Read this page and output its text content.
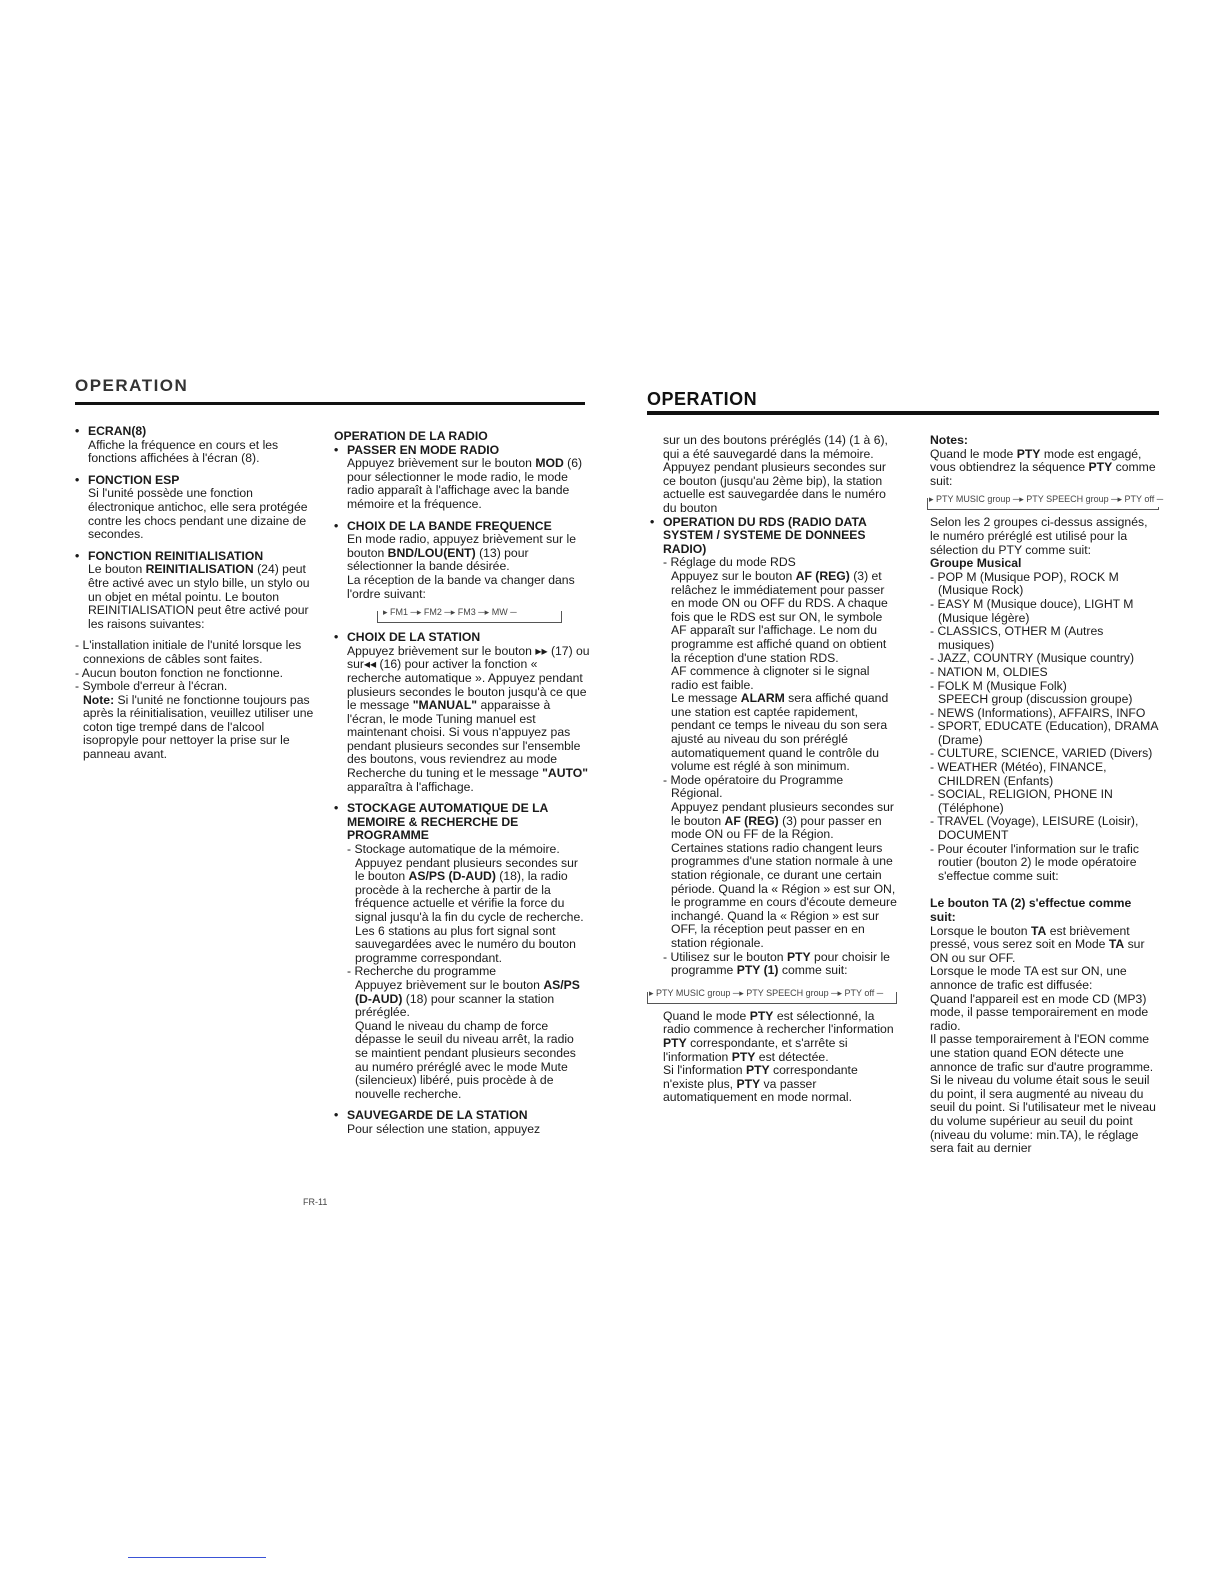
OPERATION
OPERATION

• ECRAN(8)

Affiche la fréquence en cours et les fonctions affichées à l'écran (8).

• FONCTION ESP

Si l'unité possède une fonction électronique antichoc, elle sera protégée contre les chocs pendant une dizaine de secondes.

• FONCTION REINITIALISATION

Le bouton REINITIALISATION (24) peut être activé avec un stylo bille, un stylo ou un objet en métal pointu. Le bouton REINITIALISATION peut être activé pour les raisons suivantes:

- L'installation initiale de l'unité lorsque les connexions de câbles sont faites.

- Aucun bouton fonction ne fonctionne.

- Symbole d'erreur à l'écran.

Note: Si l'unité ne fonctionne toujours pas après la réinitialisation, veuillez utiliser une coton tige trempé dans de l'alcool isopropyle pour nettoyer la prise sur le panneau avant.

OPERATION DE LA RADIO

• PASSER EN MODE RADIO

Appuyez brièvement sur le bouton MOD (6) pour sélectionner le mode radio, le mode radio apparaît à l'affichage avec la bande mémoire et la fréquence.

• CHOIX DE LA BANDE FREQUENCE

En mode radio, appuyez brièvement sur le bouton BND/LOU(ENT) (13) pour sélectionner la bande désirée.

La réception de la bande va changer dans l'ordre suivant:

▸ FM1 ─▸ FM2 ─▸ FM3 ─▸ MW ─

• CHOIX DE LA STATION

Appuyez brièvement sur le bouton ▸▸ (17) ou sur◂◂ (16) pour activer la fonction « recherche automatique ». Appuyez pendant plusieurs secondes le bouton jusqu'à ce que le message "MANUAL" apparaisse à l'écran, le mode Tuning manuel est maintenant choisi. Si vous n'appuyez pas pendant plusieurs secondes sur l'ensemble des boutons, vous reviendrez au mode Recherche du tuning et le message "AUTO" apparaîtra à l'affichage.

• STOCKAGE AUTOMATIQUE DE LA MEMOIRE & RECHERCHE DE PROGRAMME

- Stockage automatique de la mémoire. Appuyez pendant plusieurs secondes sur le bouton AS/PS (D-AUD) (18), la radio procède à la recherche à partir de la fréquence actuelle et vérifie la force du signal jusqu'à la fin du cycle de recherche. Les 6 stations au plus fort signal sont sauvegardées avec le numéro du bouton programme correspondant.

- Recherche du programme

Appuyez brièvement sur le bouton AS/PS (D-AUD) (18) pour scanner la station préréglée.

Quand le niveau du champ de force dépasse le seuil du niveau arrêt, la radio se maintient pendant plusieurs secondes au numéro préréglé avec le mode Mute (silencieux) libéré, puis procède à de nouvelle recherche.

• SAUVEGARDE DE LA STATION

Pour sélection une station, appuyez

FR-11

sur un des boutons préréglés (14) (1 à 6), qui a été sauvegardé dans la mémoire. Appuyez pendant plusieurs secondes sur ce bouton (jusqu'au 2ème bip), la station actuelle est sauvegardée dans le numéro du bouton

• OPERATION DU RDS (RADIO DATA SYSTEM / SYSTEME DE DONNEES RADIO)

- Réglage du mode RDS

Appuyez sur le bouton AF (REG) (3) et relâchez le immédiatement pour passer en mode ON ou OFF du RDS. A chaque fois que le RDS est sur ON, le symbole AF apparaît sur l'affichage. Le nom du programme est affiché quand on obtient la réception d'une station RDS.

AF commence à clignoter si le signal radio est faible.

Le message ALARM sera affiché quand une station est captée rapidement, pendant ce temps le niveau du son sera ajusté au niveau du son préréglé automatiquement quand le contrôle du volume est réglé à son minimum.

- Mode opératoire du Programme Régional.

Appuyez pendant plusieurs secondes sur le bouton AF (REG) (3) pour passer en mode ON ou FF de la Région.

Certaines stations radio changent leurs programmes d'une station normale à une station régionale, ce durant une certain période. Quand la « Région » est sur ON, le programme en cours d'écoute demeure inchangé. Quand la « Région » est sur OFF, la réception peut passer en en station régionale.

- Utilisez sur le bouton PTY pour choisir le programme PTY (1) comme suit:

▸ PTY MUSIC group ─▸ PTY SPEECH group ─▸ PTY off ─

Quand le mode PTY est sélectionné, la radio commence à rechercher l'information PTY correspondante, et s'arrête si l'information PTY est détectée.

Si l'information PTY correspondante n'existe plus, PTY va passer automatiquement en mode normal.

Notes:

Quand le mode PTY mode est engagé, vous obtiendrez la séquence PTY comme suit:

▸ PTY MUSIC group ─▸ PTY SPEECH group ─▸ PTY off ─

Selon les 2 groupes ci-dessus assignés, le numéro préréglé est utilisé pour la sélection du PTY comme suit:

Groupe Musical

- POP M (Musique POP), ROCK M (Musique Rock)

- EASY M (Musique douce), LIGHT M (Musique légère)

- CLASSICS, OTHER M (Autres musiques)

- JAZZ, COUNTRY (Musique country)

- NATION M, OLDIES

- FOLK M (Musique Folk)

SPEECH group (discussion groupe)

- NEWS (Informations), AFFAIRS, INFO

- SPORT, EDUCATE (Education), DRAMA (Drame)

- CULTURE, SCIENCE, VARIED (Divers)

- WEATHER (Météo), FINANCE, CHILDREN (Enfants)

- SOCIAL, RELIGION, PHONE IN (Téléphone)

- TRAVEL (Voyage), LEISURE (Loisir), DOCUMENT

- Pour écouter l'information sur le trafic routier (bouton 2) le mode opératoire s'effectue comme suit:

Le bouton TA (2) s'effectue comme suit:

Lorsque le bouton TA est brièvement pressé, vous serez soit en Mode TA sur ON ou sur OFF.

Lorsque le mode TA est sur ON, une annonce de trafic est diffusée:

Quand l'appareil est en mode CD (MP3) mode, il passe temporairement en mode radio.

Il passe temporairement à l'EON comme une station quand EON détecte une annonce de trafic sur d'autre programme.

Si le niveau du volume était sous le seuil du point, il sera augmenté au niveau du seuil du point. Si l'utilisateur met le niveau du volume supérieur au seuil du point (niveau du volume: min.TA), le réglage sera fait au dernier
